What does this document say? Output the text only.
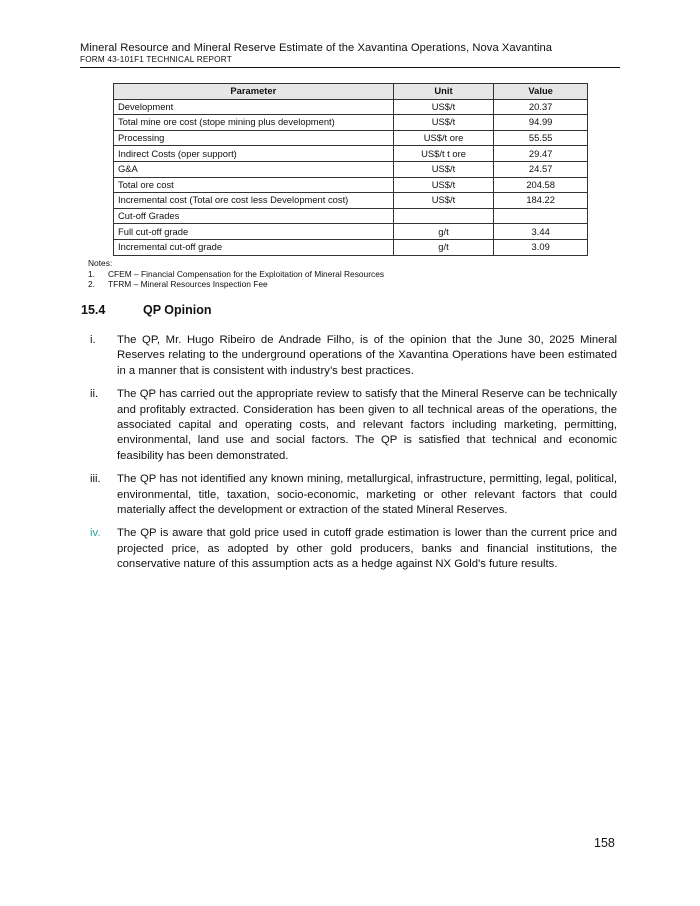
Mineral Resource and Mineral Reserve Estimate of the Xavantina Operations, Nova Xavantina
FORM 43-101F1 TECHNICAL REPORT
Parameter	Unit	Value
Development	US$/t	20.37
Total mine ore cost (stope mining plus development)	US$/t	94.99
Processing	US$/t ore	55.55
Indirect Costs (oper support)	US$/t t ore	29.47
G&A	US$/t	24.57
Total ore cost	US$/t	204.58
Incremental cost (Total ore cost less Development cost)	US$/t	184.22
Cut-off Grades		
Full cut-off grade	g/t	3.44
Incremental cut-off grade	g/t	3.09
Notes:
1. CFEM – Financial Compensation for the Exploitation of Mineral Resources
2. TFRM – Mineral Resources Inspection Fee
15.4	QP Opinion
i. The QP, Mr. Hugo Ribeiro de Andrade Filho, is of the opinion that the June 30, 2025 Mineral Reserves relating to the underground operations of the Xavantina Operations have been estimated in a manner that is consistent with industry’s best practices.
ii. The QP has carried out the appropriate review to satisfy that the Mineral Reserve can be technically and profitably extracted. Consideration has been given to all technical areas of the operations, the associated capital and operating costs, and relevant factors including marketing, permitting, environmental, land use and social factors. The QP is satisfied that technical and economic feasibility has been demonstrated.
iii. The QP has not identified any known mining, metallurgical, infrastructure, permitting, legal, political, environmental, title, taxation, socio-economic, marketing or other relevant factors that could materially affect the development or extraction of the stated Mineral Reserves.
iv. The QP is aware that gold price used in cutoff grade estimation is lower than the current price and projected price, as adopted by other gold producers, banks and financial institutions, the conservative nature of this assumption acts as a hedge against NX Gold's future results.
158
